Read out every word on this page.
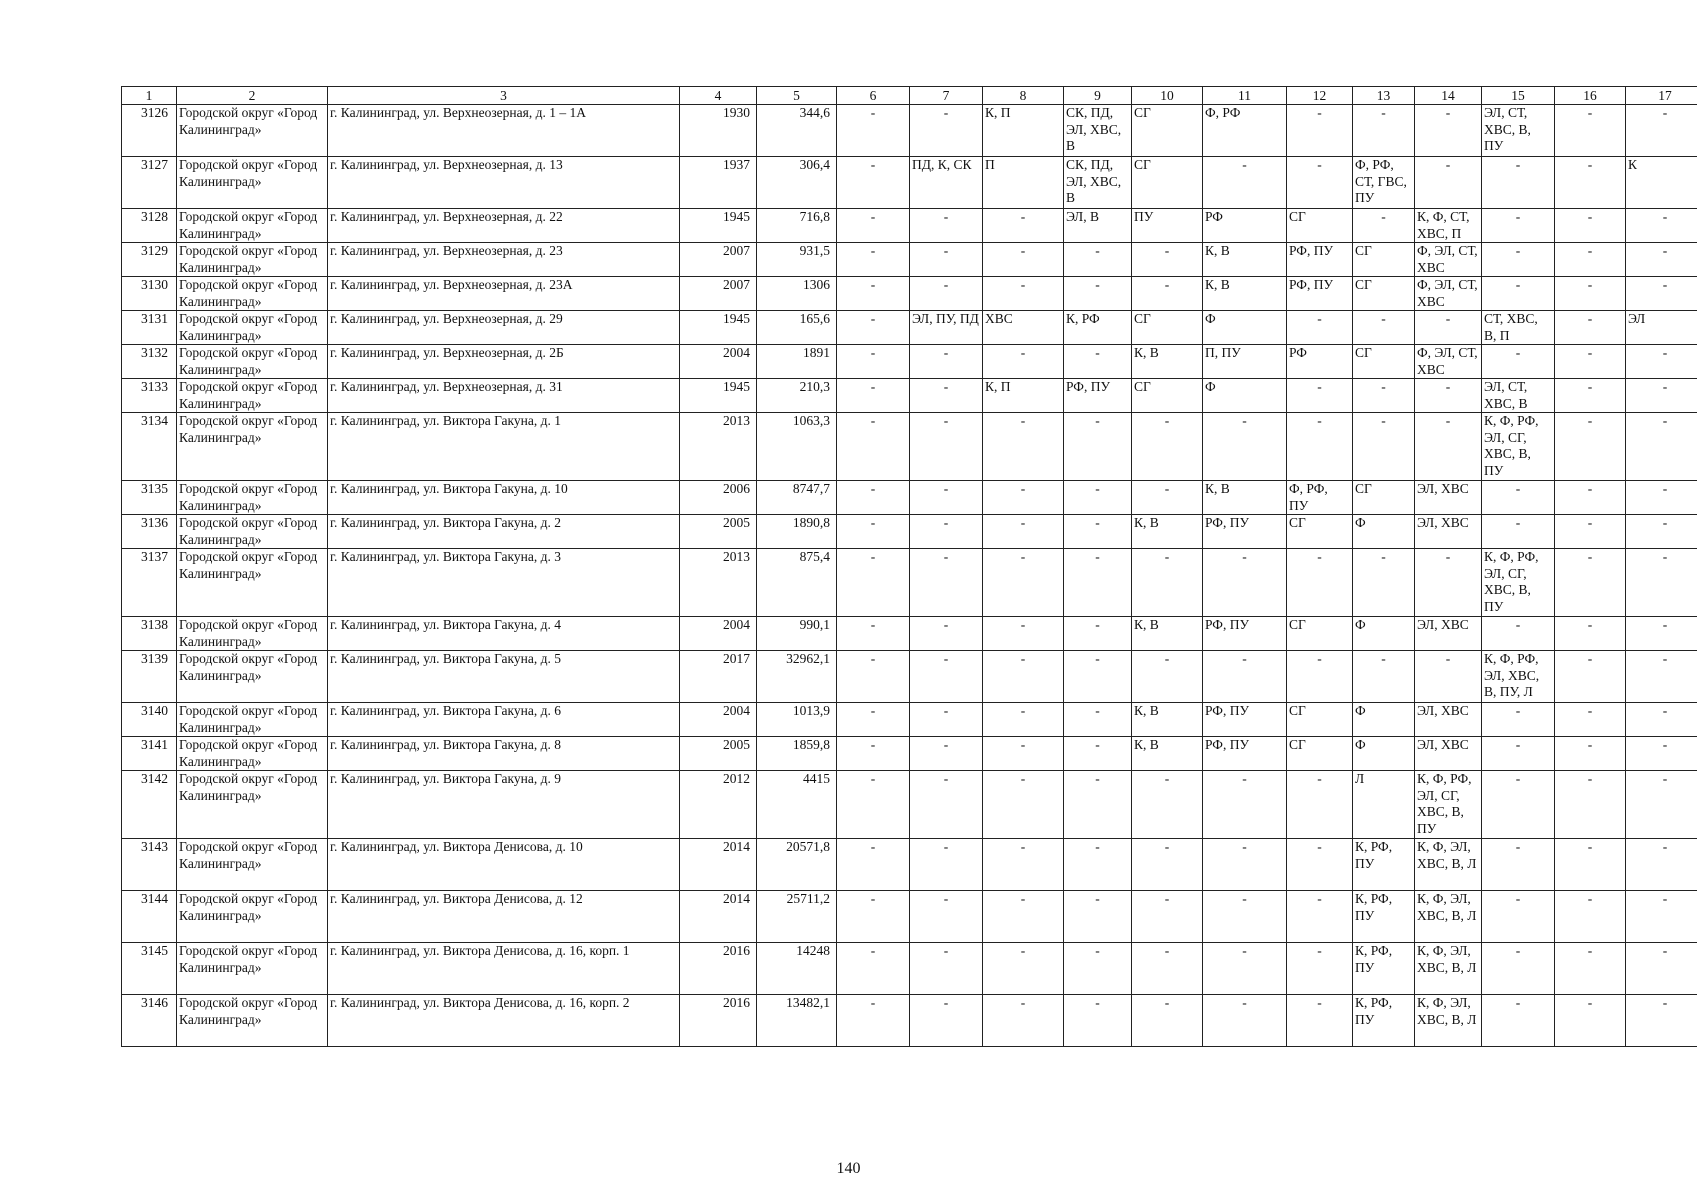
1	2	3	4	5	6	7	8	9	10	11	12	13	14	15	16	17
3126	Городской округ «Город Калининград»	г. Калининград, ул. Верхнеозерная, д. 1 – 1А	1930	344,6	-	-	К, П	СК, ПД, ЭЛ, ХВС, В	СГ	Ф, РФ	-	-	-	ЭЛ, СТ, ХВС, В, ПУ	-	-
3127	Городской округ «Город Калининград»	г. Калининград, ул. Верхнеозерная, д. 13	1937	306,4	-	ПД, К, СК	П	СК, ПД, ЭЛ, ХВС, В	СГ	-	-	Ф, РФ, СТ, ГВС, ПУ	-	-	-	К
3128	Городской округ «Город Калининград»	г. Калининград, ул. Верхнеозерная, д. 22	1945	716,8	-	-	-	ЭЛ, В	ПУ	РФ	СГ	-	К, Ф, СТ, ХВС, П	-	-	-
3129	Городской округ «Город Калининград»	г. Калининград, ул. Верхнеозерная, д. 23	2007	931,5	-	-	-	-	-	К, В	РФ, ПУ	СГ	Ф, ЭЛ, СТ, ХВС	-	-	-
3130	Городской округ «Город Калининград»	г. Калининград, ул. Верхнеозерная, д. 23А	2007	1306	-	-	-	-	-	К, В	РФ, ПУ	СГ	Ф, ЭЛ, СТ, ХВС	-	-	-
3131	Городской округ «Город Калининград»	г. Калининград, ул. Верхнеозерная, д. 29	1945	165,6	-	ЭЛ, ПУ, ПД	ХВС	К, РФ	СГ	Ф	-	-	-	СТ, ХВС, В, П	-	ЭЛ
3132	Городской округ «Город Калининград»	г. Калининград, ул. Верхнеозерная, д. 2Б	2004	1891	-	-	-	-	К, В	П, ПУ	РФ	СГ	Ф, ЭЛ, СТ, ХВС	-	-	-
3133	Городской округ «Город Калининград»	г. Калининград, ул. Верхнеозерная, д. 31	1945	210,3	-	-	К, П	РФ, ПУ	СГ	Ф	-	-	-	ЭЛ, СТ, ХВС, В	-	-
3134	Городской округ «Город Калининград»	г. Калининград, ул. Виктора Гакуна, д. 1	2013	1063,3	-	-	-	-	-	-	-	-	-	К, Ф, РФ, ЭЛ, СГ, ХВС, В, ПУ	-	-
3135	Городской округ «Город Калининград»	г. Калининград, ул. Виктора Гакуна, д. 10	2006	8747,7	-	-	-	-	-	К, В	Ф, РФ, ПУ	СГ	ЭЛ, ХВС	-	-	-
3136	Городской округ «Город Калининград»	г. Калининград, ул. Виктора Гакуна, д. 2	2005	1890,8	-	-	-	-	К, В	РФ, ПУ	СГ	Ф	ЭЛ, ХВС	-	-	-
3137	Городской округ «Город Калининград»	г. Калининград, ул. Виктора Гакуна, д. 3	2013	875,4	-	-	-	-	-	-	-	-	-	К, Ф, РФ, ЭЛ, СГ, ХВС, В, ПУ	-	-
3138	Городской округ «Город Калининград»	г. Калининград, ул. Виктора Гакуна, д. 4	2004	990,1	-	-	-	-	К, В	РФ, ПУ	СГ	Ф	ЭЛ, ХВС	-	-	-
3139	Городской округ «Город Калининград»	г. Калининград, ул. Виктора Гакуна, д. 5	2017	32962,1	-	-	-	-	-	-	-	-	-	К, Ф, РФ, ЭЛ, ХВС, В, ПУ, Л	-	-
3140	Городской округ «Город Калининград»	г. Калининград, ул. Виктора Гакуна, д. 6	2004	1013,9	-	-	-	-	К, В	РФ, ПУ	СГ	Ф	ЭЛ, ХВС	-	-	-
3141	Городской округ «Город Калининград»	г. Калининград, ул. Виктора Гакуна, д. 8	2005	1859,8	-	-	-	-	К, В	РФ, ПУ	СГ	Ф	ЭЛ, ХВС	-	-	-
3142	Городской округ «Город Калининград»	г. Калининград, ул. Виктора Гакуна, д. 9	2012	4415	-	-	-	-	-	-	-	Л	К, Ф, РФ, ЭЛ, СГ, ХВС, В, ПУ	-	-	-
3143	Городской округ «Город Калининград»	г. Калининград, ул. Виктора Денисова, д. 10	2014	20571,8	-	-	-	-	-	-	-	К, РФ, ПУ	К, Ф, ЭЛ, ХВС, В, Л	-	-	-
3144	Городской округ «Город Калининград»	г. Калининград, ул. Виктора Денисова, д. 12	2014	25711,2	-	-	-	-	-	-	-	К, РФ, ПУ	К, Ф, ЭЛ, ХВС, В, Л	-	-	-
3145	Городской округ «Город Калининград»	г. Калининград, ул. Виктора Денисова, д. 16, корп. 1	2016	14248	-	-	-	-	-	-	-	К, РФ, ПУ	К, Ф, ЭЛ, ХВС, В, Л	-	-	-
3146	Городской округ «Город Калининград»	г. Калининград, ул. Виктора Денисова, д. 16, корп. 2	2016	13482,1	-	-	-	-	-	-	-	К, РФ, ПУ	К, Ф, ЭЛ, ХВС, В, Л	-	-	-
140
